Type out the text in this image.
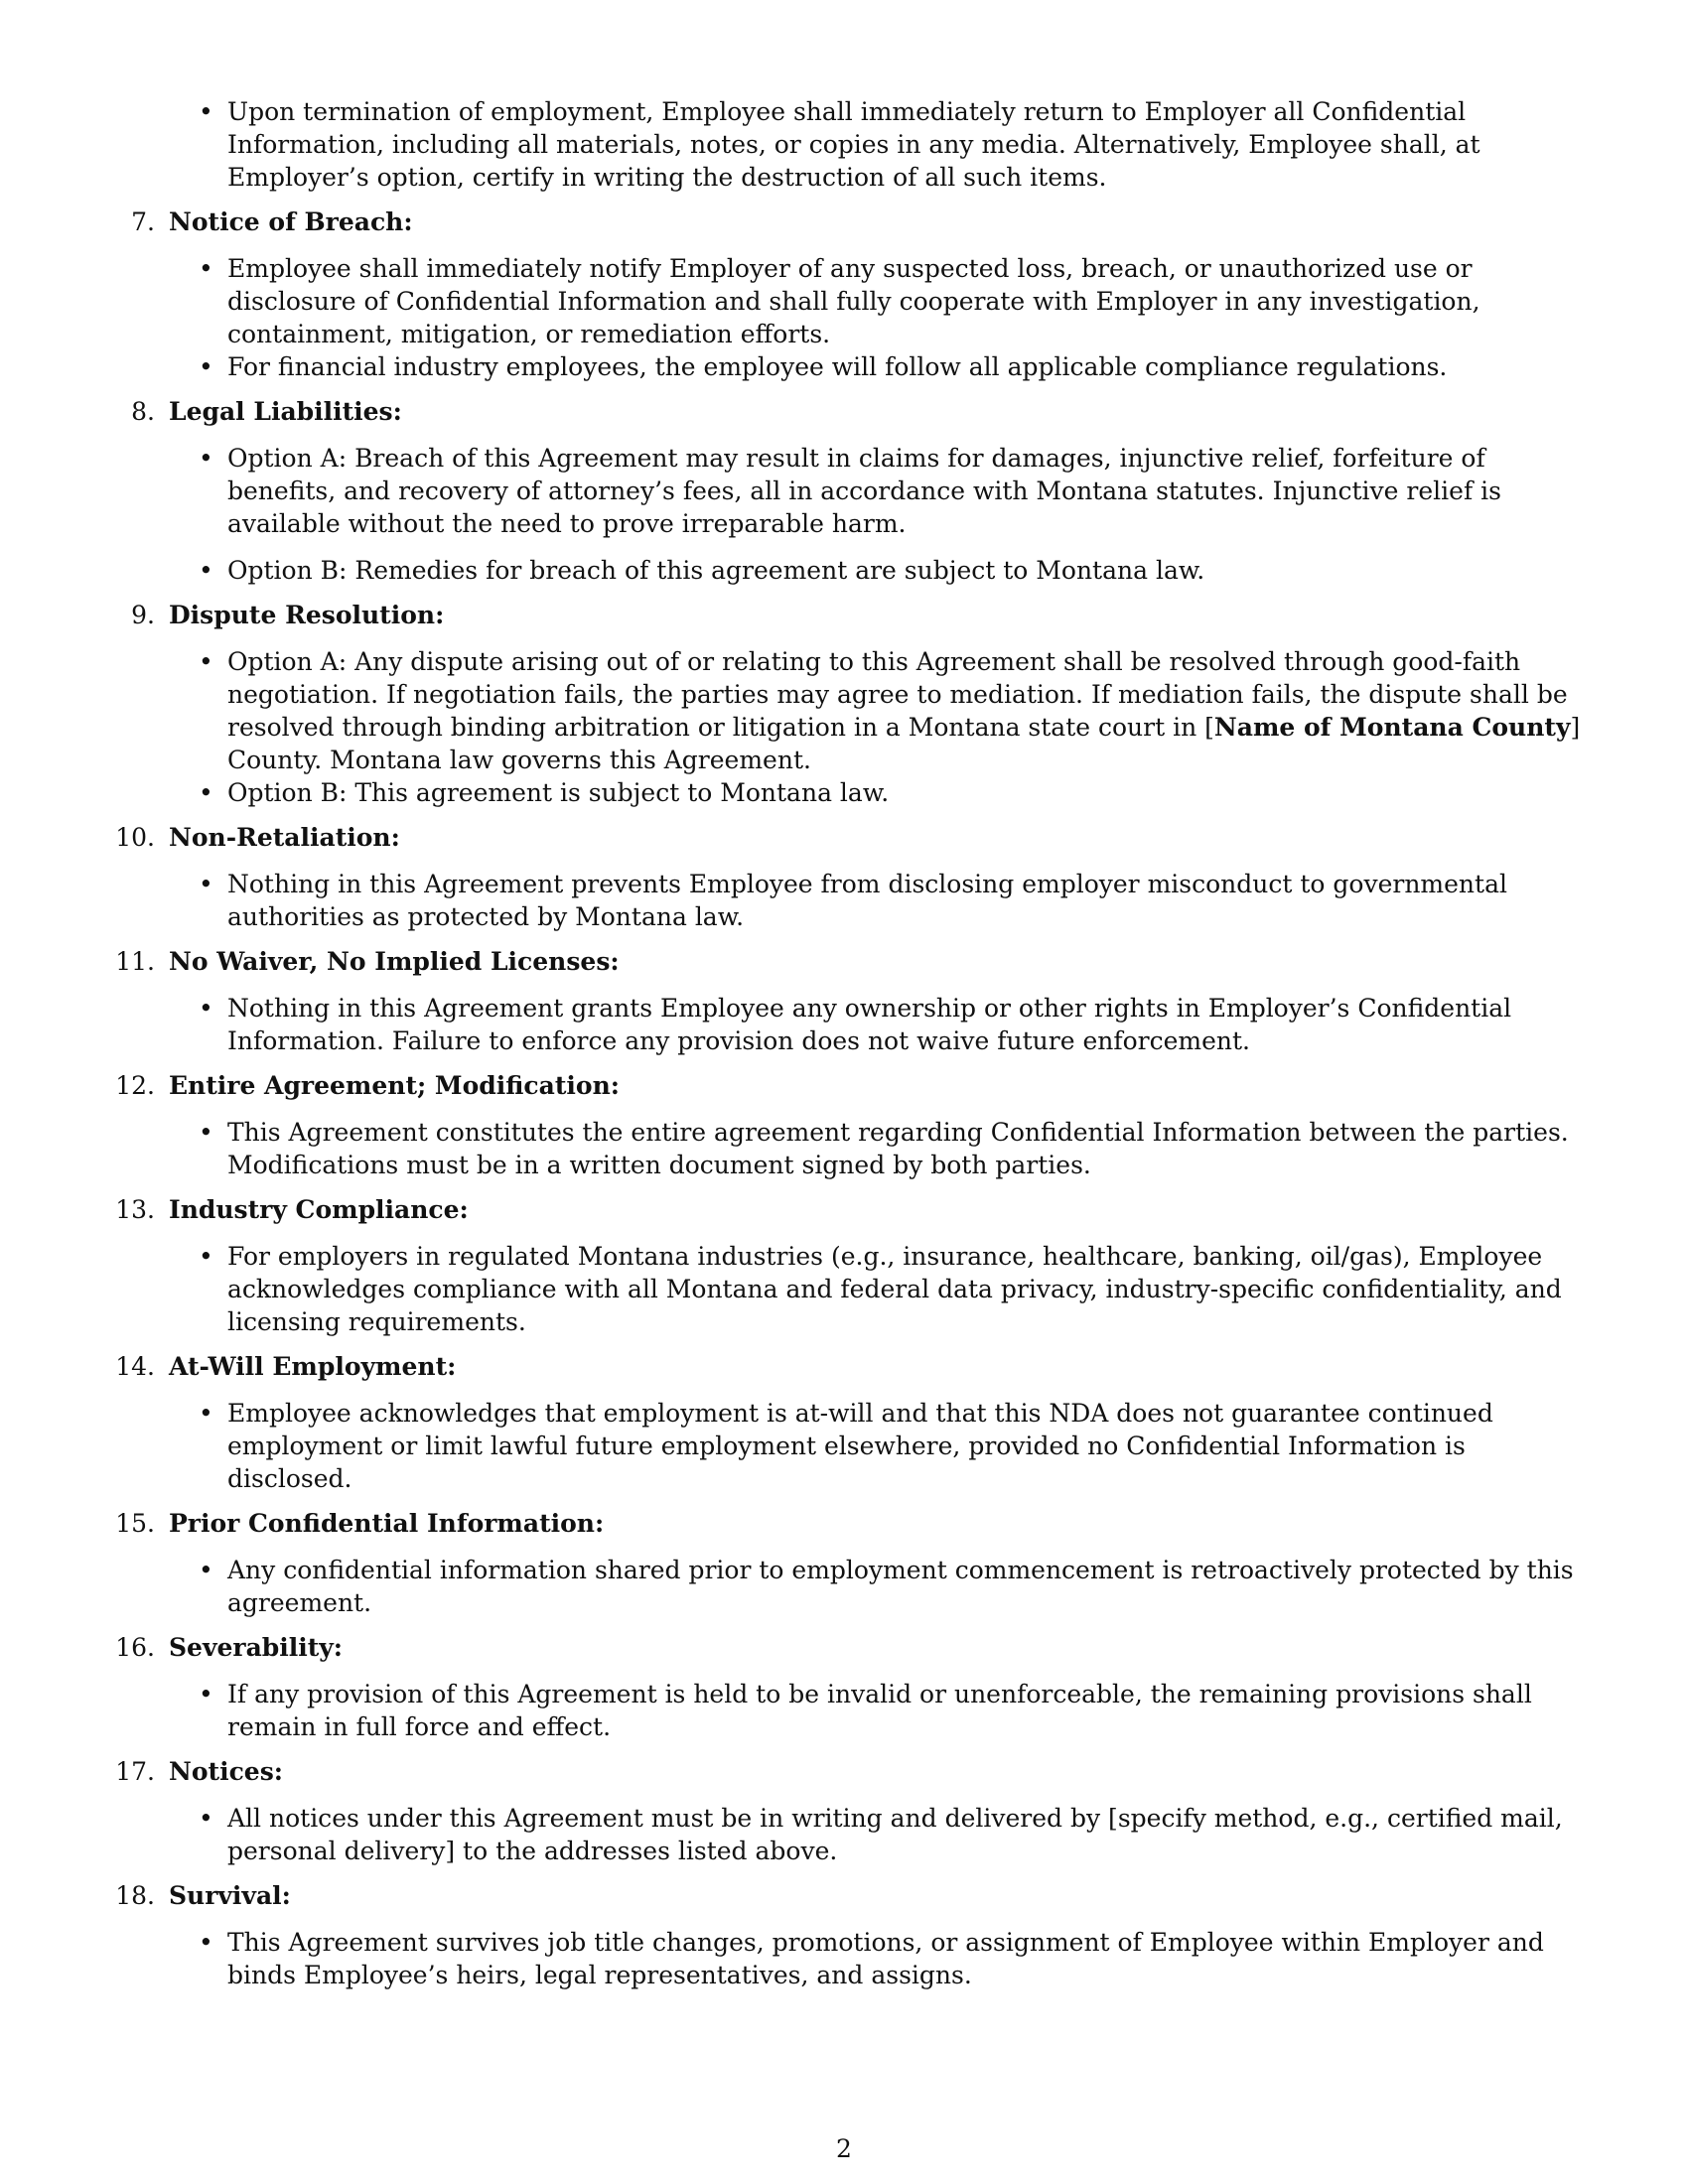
• Upon termination of employment, Employee shall immediately return to Employer all Confidential Information, including all materials, notes, or copies in any media. Alternatively, Employee shall, at Employer’s option, certify in writing the destruction of all such items.
7. Notice of Breach:
• Employee shall immediately notify Employer of any suspected loss, breach, or unauthorized use or disclosure of Confidential Information and shall fully cooperate with Employer in any investigation, containment, mitigation, or remediation efforts.
• For financial industry employees, the employee will follow all applicable compliance regulations.
8. Legal Liabilities:
• Option A: Breach of this Agreement may result in claims for damages, injunctive relief, forfeiture of benefits, and recovery of attorney’s fees, all in accordance with Montana statutes. Injunctive relief is available without the need to prove irreparable harm.
• Option B: Remedies for breach of this agreement are subject to Montana law.
9. Dispute Resolution:
• Option A: Any dispute arising out of or relating to this Agreement shall be resolved through good-faith negotiation. If negotiation fails, the parties may agree to mediation. If mediation fails, the dispute shall be resolved through binding arbitration or litigation in a Montana state court in [Name of Montana County] County. Montana law governs this Agreement.
• Option B: This agreement is subject to Montana law.
10. Non-Retaliation:
• Nothing in this Agreement prevents Employee from disclosing employer misconduct to governmental authorities as protected by Montana law.
11. No Waiver, No Implied Licenses:
• Nothing in this Agreement grants Employee any ownership or other rights in Employer’s Confidential Information. Failure to enforce any provision does not waive future enforcement.
12. Entire Agreement; Modification:
• This Agreement constitutes the entire agreement regarding Confidential Information between the parties. Modifications must be in a written document signed by both parties.
13. Industry Compliance:
• For employers in regulated Montana industries (e.g., insurance, healthcare, banking, oil/gas), Employee acknowledges compliance with all Montana and federal data privacy, industry-specific confidentiality, and licensing requirements.
14. At-Will Employment:
• Employee acknowledges that employment is at-will and that this NDA does not guarantee continued employment or limit lawful future employment elsewhere, provided no Confidential Information is disclosed.
15. Prior Confidential Information:
• Any confidential information shared prior to employment commencement is retroactively protected by this agreement.
16. Severability:
• If any provision of this Agreement is held to be invalid or unenforceable, the remaining provisions shall remain in full force and effect.
17. Notices:
• All notices under this Agreement must be in writing and delivered by [specify method, e.g., certified mail, personal delivery] to the addresses listed above.
18. Survival:
• This Agreement survives job title changes, promotions, or assignment of Employee within Employer and binds Employee’s heirs, legal representatives, and assigns.
2
